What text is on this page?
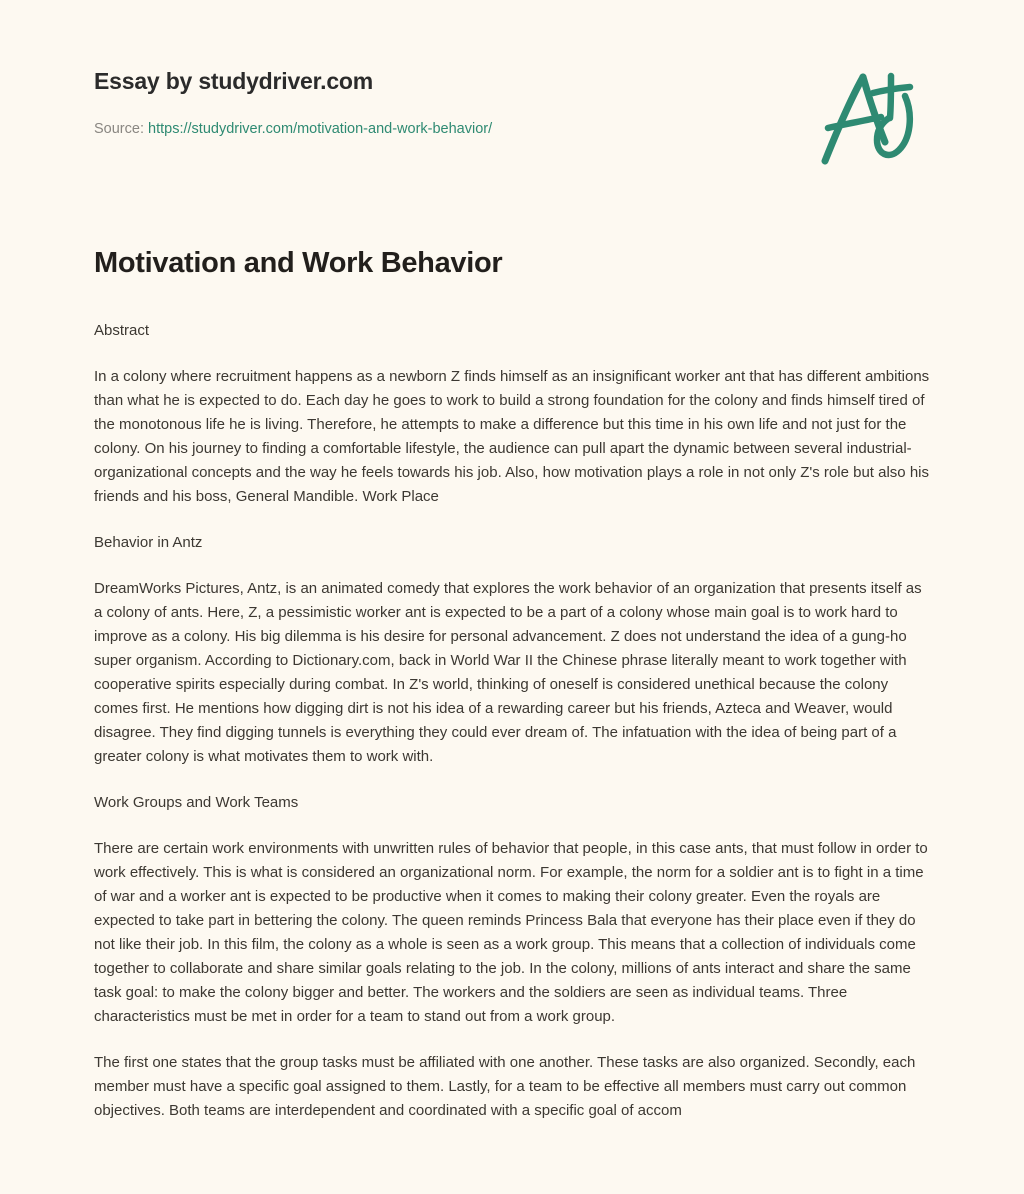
Essay by studydriver.com
Source: https://studydriver.com/motivation-and-work-behavior/
Motivation and Work Behavior
Abstract

In a colony where recruitment happens as a newborn Z finds himself as an insignificant worker ant that has different ambitions than what he is expected to do. Each day he goes to work to build a strong foundation for the colony and finds himself tired of the monotonous life he is living. Therefore, he attempts to make a difference but this time in his own life and not just for the colony. On his journey to finding a comfortable lifestyle, the audience can pull apart the dynamic between several industrial-organizational concepts and the way he feels towards his job. Also, how motivation plays a role in not only Z's role but also his friends and his boss, General Mandible. Work Place

Behavior in Antz

DreamWorks Pictures, Antz, is an animated comedy that explores the work behavior of an organization that presents itself as a colony of ants. Here, Z, a pessimistic worker ant is expected to be a part of a colony whose main goal is to work hard to improve as a colony. His big dilemma is his desire for personal advancement. Z does not understand the idea of a gung-ho super organism. According to Dictionary.com, back in World War II the Chinese phrase literally meant to work together with cooperative spirits especially during combat. In Z's world, thinking of oneself is considered unethical because the colony comes first. He mentions how digging dirt is not his idea of a rewarding career but his friends, Azteca and Weaver, would disagree. They find digging tunnels is everything they could ever dream of. The infatuation with the idea of being part of a greater colony is what motivates them to work with.

Work Groups and Work Teams

There are certain work environments with unwritten rules of behavior that people, in this case ants, that must follow in order to work effectively. This is what is considered an organizational norm. For example, the norm for a soldier ant is to fight in a time of war and a worker ant is expected to be productive when it comes to making their colony greater. Even the royals are expected to take part in bettering the colony. The queen reminds Princess Bala that everyone has their place even if they do not like their job. In this film, the colony as a whole is seen as a work group. This means that a collection of individuals come together to collaborate and share similar goals relating to the job. In the colony, millions of ants interact and share the same task goal: to make the colony bigger and better. The workers and the soldiers are seen as individual teams. Three characteristics must be met in order for a team to stand out from a work group.

The first one states that the group tasks must be affiliated with one another. These tasks are also organized. Secondly, each member must have a specific goal assigned to them. Lastly, for a team to be effective all members must carry out common objectives. Both teams are interdependent and coordinated with a specific goal of accom
